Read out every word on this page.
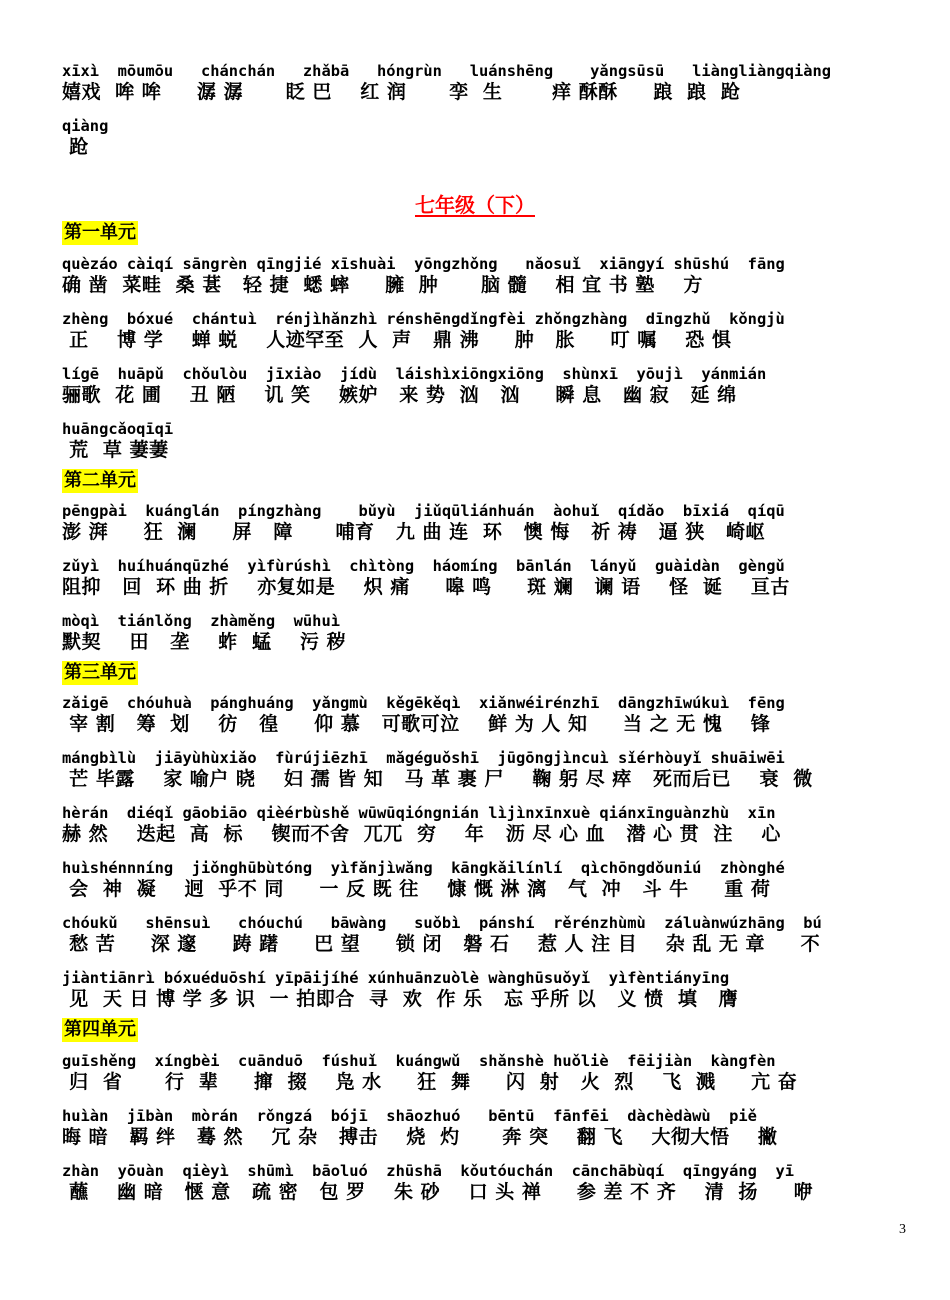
xīxì  mōumōu   chánchán   zhǎbā   hóngrùn   luánshēng    yǎngsūsū   liàngliàngqiàng
嬉戏  哞 哞     潺 潺      眨 巴    红 润      孪  生       痒 酥酥     踉  踉  跄
qiàng
跄
七年级（下）
第一单元
quèzáo càiqí sāngrèn qīngjié xīshuài  yōngzhǒng   nǎosuǐ  xiāngyí shūshú  fāng
确 凿  菜畦  桑 葚   轻 捷  蟋 蟀     臃  肿      脑 髓    相 宜 书 塾    方
zhèng  bóxué  chántuì  rénjìhǎnzhì rénshēngdǐngfèi zhǒngzhàng  dīngzhǔ  kǒngjù
正    博 学    蝉 蜕    人迹罕至  人  声   鼎 沸     肿   胀     叮 嘱    恐 惧
lígē  huāpǔ  chǒulòu  jīxiào  jídù  láishìxiōngxiōng  shùnxī  yōujì  yánmián
骊歌  花 圃    丑 陋    讥 笑    嫉妒   来 势  汹   汹     瞬 息   幽 寂   延 绵
huāngcǎoqīqī
荒  草 萋萋
第二单元
pēngpài  kuánglán  píngzhàng    bǔyù  jiǔqūliánhuán  àohuǐ  qídǎo  bīxiá  qíqū
澎 湃     狂  澜     屏   障      哺育   九 曲 连  环   懊 悔   祈 祷   逼 狭   崎岖
zǔyì  huíhuánqūzhé  yìfùrúshì  chìtòng  háomíng  bānlán  lányǔ  guàidàn  gèngǔ
阻抑   回  环 曲 折    亦复如是    炽 痛     嗥 鸣     斑 斓   谰 语    怪  诞    亘古
mòqì  tiánlǒng  zhàměng  wūhuì
默契    田   垄    蚱  蜢    污 秽
第三单元
zǎigē  chóuhuà  pánghuáng  yǎngmù  kěgēkěqì  xiǎnwéirénzhī  dāngzhīwúkuì  fēng
宰 割   筹  划    彷   徨     仰 慕   可歌可泣    鲜 为 人 知     当 之 无 愧    锋
mángbìlù  jiāyùhùxiǎo  fùrújiēzhī  mǎgéguǒshī  jūgōngjìncuì sǐérhòuyǐ shuāiwēi
芒 毕露    家 喻户 晓    妇 孺 皆 知   马 革 裹 尸    鞠 躬 尽 瘁   死而后已    衰  微
hèrán  diéqǐ gāobiāo qièérbùshě wūwūqióngnián lìjìnxīnxuè qiánxīnguànzhù  xīn
赫 然    迭起  高  标    锲而不舍  兀兀  穷    年   沥 尽 心 血   潜 心 贯  注    心
huìshénnníng  jiǒnghūbùtóng  yìfǎnjìwǎng  kāngkǎilínlí  qìchōngdǒuniú  zhònghé
会  神  凝    迥  乎不 同     一 反 既 往    慷 慨 淋 漓   气  冲   斗 牛     重 荷
chóukǔ   shēnsuì   chóuchú   bāwàng   suǒbì  pánshí  rěrénzhùmù  záluànwúzhāng  bú
愁 苦     深 邃     踌 躇     巴 望     锁 闭   磐 石    惹 人 注 目    杂 乱 无 章     不
jiàntiānrì bóxuéduōshí yīpāijíhé xúnhuānzuòlè wànghūsuǒyǐ  yìfèntiányīng
见  天 日 博 学 多 识  一 拍即合  寻  欢  作 乐   忘 乎所 以   义 愤  填   膺
第四单元
guīshěng  xíngbèi  cuānduō  fúshuǐ  kuángwǔ  shǎnshè huǒliè  fēijiàn  kàngfèn
归  省      行  辈     撺  掇    凫 水     狂  舞     闪  射   火  烈    飞  溅     亢 奋
huìàn  jībàn  mòrán  rǒngzá  bójī  shāozhuó   bēntū  fānfēi  dàchèdàwù  piě
晦 暗   羁 绊   蓦 然    冗 杂   搏击    烧  灼      奔 突    翻 飞    大彻大悟    撇
zhàn  yōuàn  qièyì  shūmì  bāoluó  zhūshā  kǒutóuchán  cānchābùqí  qīngyáng  yī
蘸    幽 暗   惬 意   疏 密   包 罗    朱 砂    口 头 禅     参 差 不 齐    清  扬     咿
3
